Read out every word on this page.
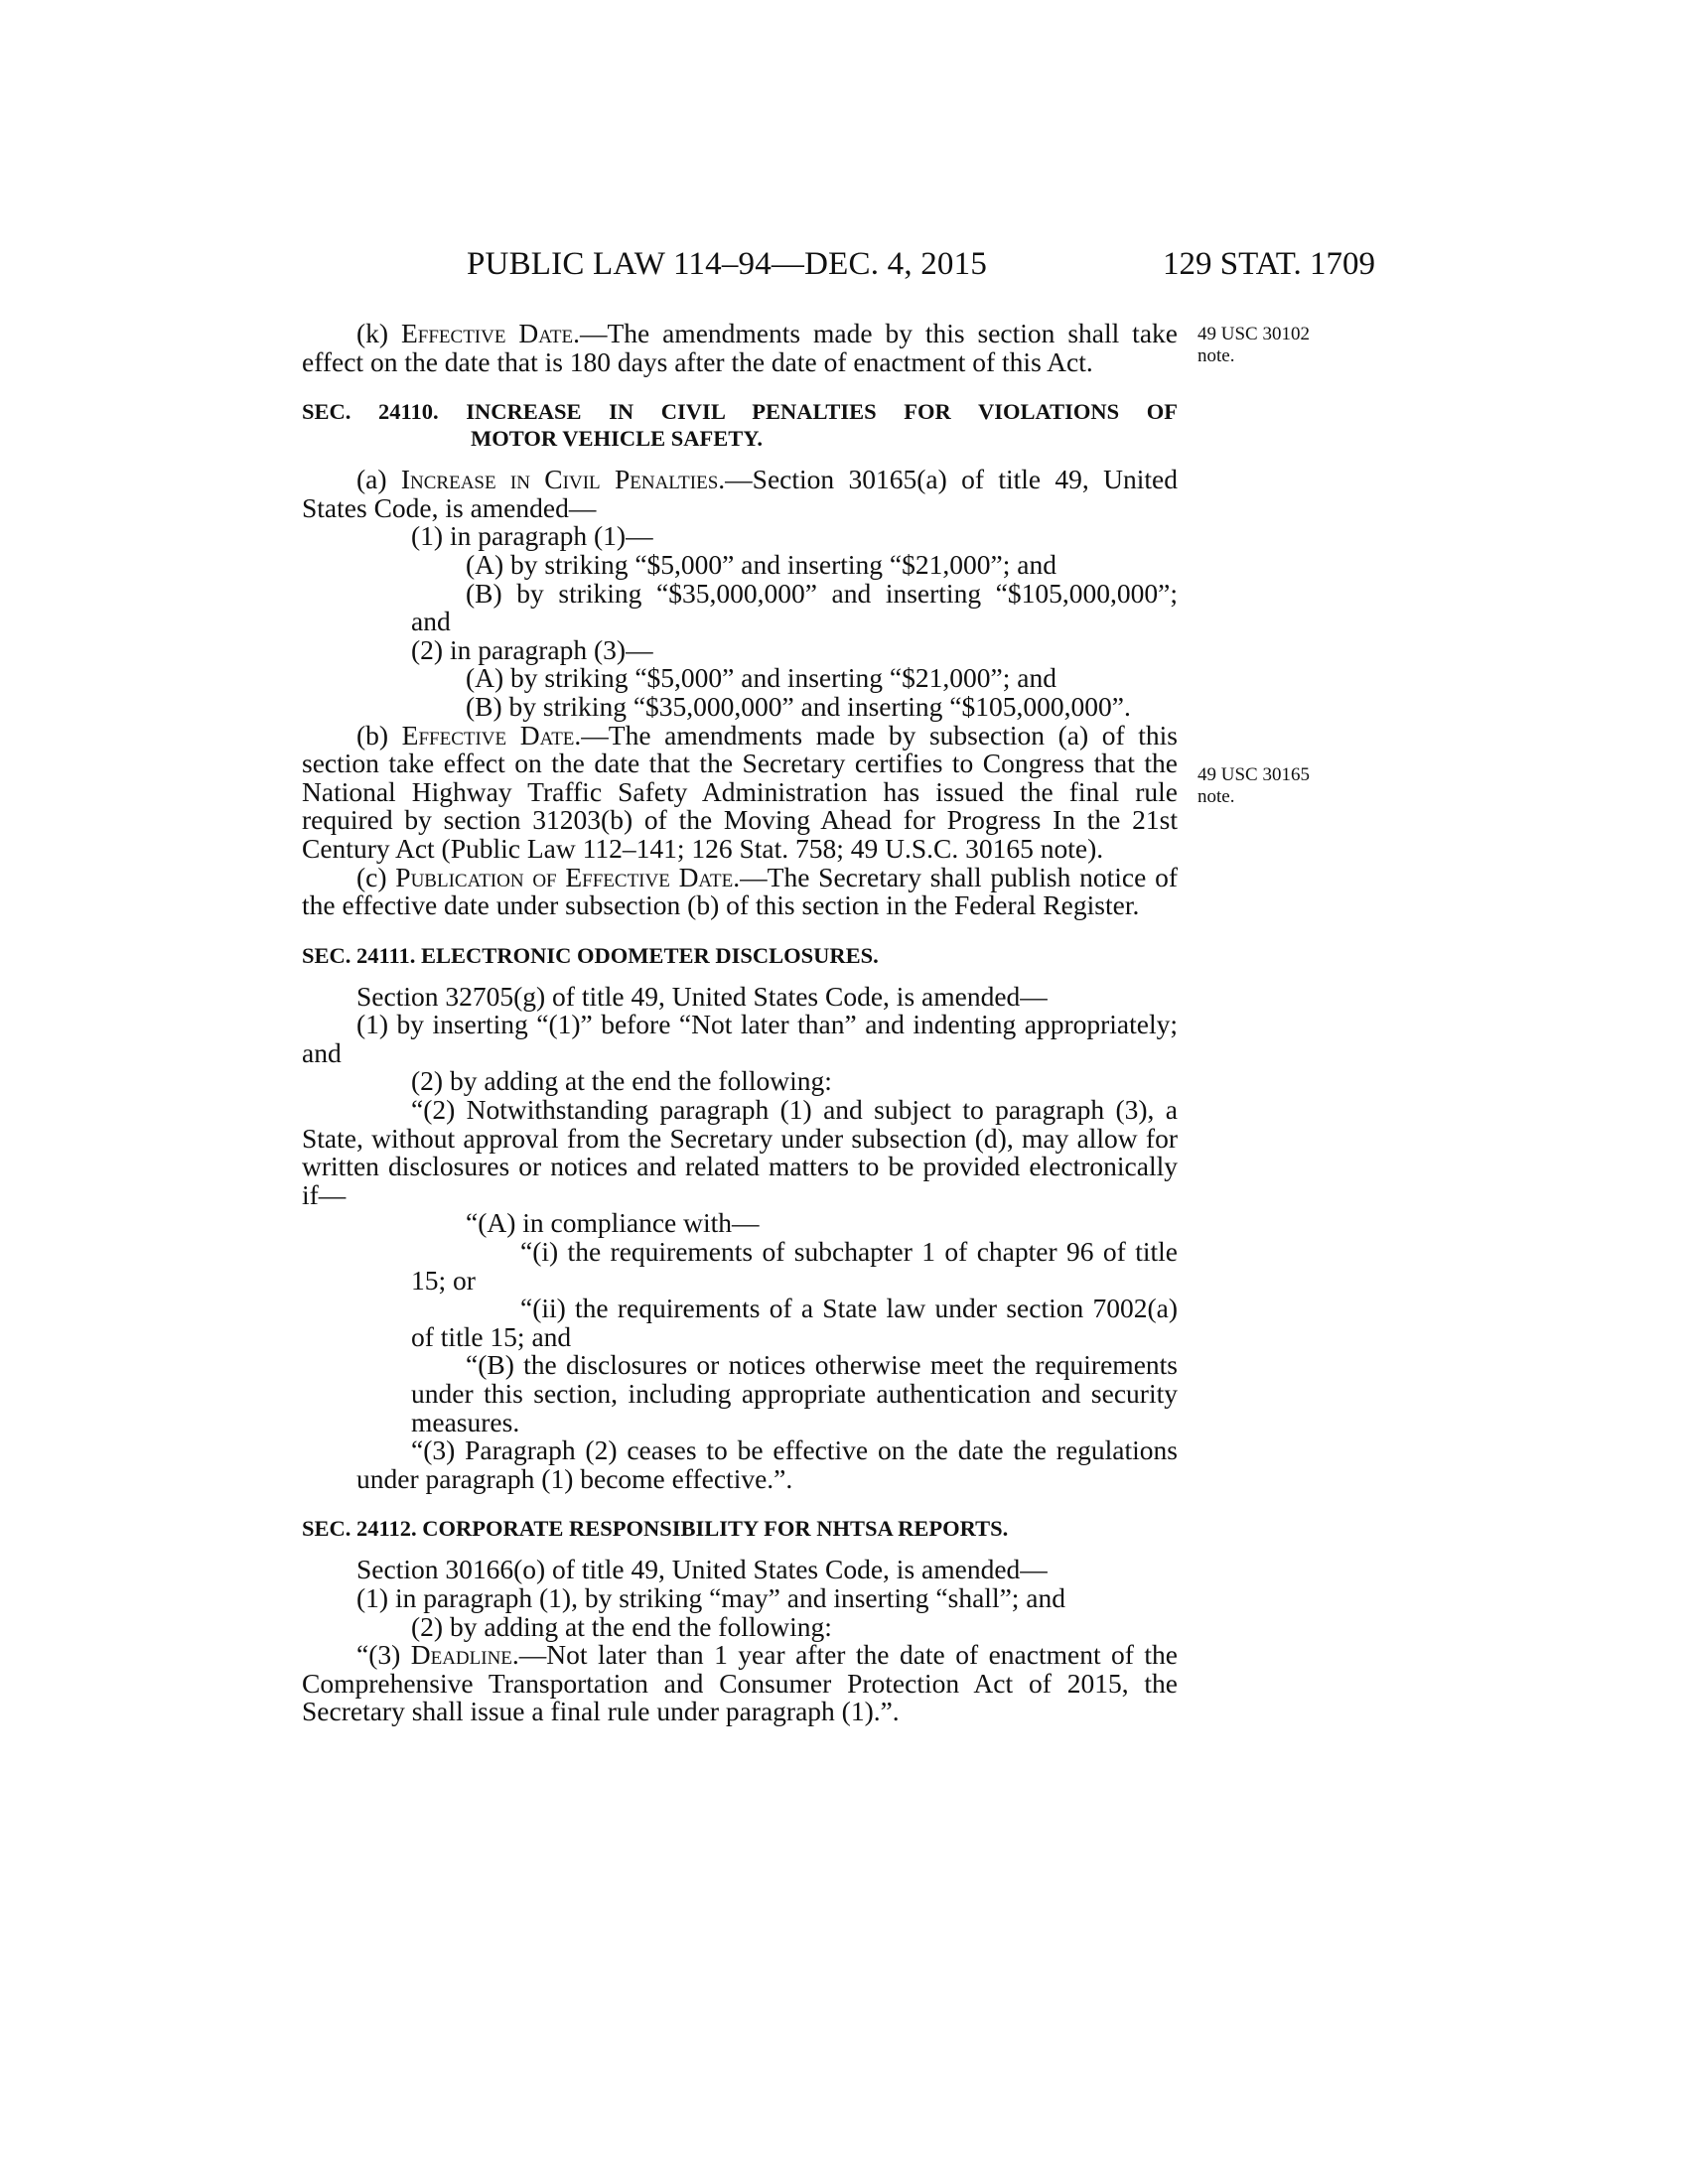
PUBLIC LAW 114–94—DEC. 4, 2015	129 STAT. 1709
49 USC 30102
note.
49 USC 30165
note.

(k) Effective Date.—The amendments made by this section shall take effect on the date that is 180 days after the date of enactment of this Act.

SEC. 24110. INCREASE IN CIVIL PENALTIES FOR VIOLATIONS OF
MOTOR VEHICLE SAFETY.

(a) Increase in Civil Penalties.—Section 30165(a) of title 49, United States Code, is amended—

(1) in paragraph (1)—

(A) by striking “$5,000” and inserting “$21,000”; and

(B) by striking “$35,000,000” and inserting “$105,000,000”; and

(2) in paragraph (3)—

(A) by striking “$5,000” and inserting “$21,000”; and

(B) by striking “$35,000,000” and inserting “$105,000,000”.

(b) Effective Date.—The amendments made by subsection (a) of this section take effect on the date that the Secretary certifies to Congress that the National Highway Traffic Safety Administration has issued the final rule required by section 31203(b) of the Moving Ahead for Progress In the 21st Century Act (Public Law 112–141; 126 Stat. 758; 49 U.S.C. 30165 note).

(c) Publication of Effective Date.—The Secretary shall publish notice of the effective date under subsection (b) of this section in the Federal Register.

SEC. 24111. ELECTRONIC ODOMETER DISCLOSURES.

Section 32705(g) of title 49, United States Code, is amended—

(1) by inserting “(1)” before “Not later than” and indenting appropriately; and

(2) by adding at the end the following:

“(2) Notwithstanding paragraph (1) and subject to paragraph (3), a State, without approval from the Secretary under subsection (d), may allow for written disclosures or notices and related matters to be provided electronically if—

“(A) in compliance with—

“(i) the requirements of subchapter 1 of chapter 96 of title 15; or

“(ii) the requirements of a State law under section 7002(a) of title 15; and

“(B) the disclosures or notices otherwise meet the requirements under this section, including appropriate authentication and security measures.

“(3) Paragraph (2) ceases to be effective on the date the regulations under paragraph (1) become effective.”.

SEC. 24112. CORPORATE RESPONSIBILITY FOR NHTSA REPORTS.

Section 30166(o) of title 49, United States Code, is amended—

(1) in paragraph (1), by striking “may” and inserting “shall”; and

(2) by adding at the end the following:

“(3) Deadline.—Not later than 1 year after the date of enactment of the Comprehensive Transportation and Consumer Protection Act of 2015, the Secretary shall issue a final rule under paragraph (1).”.
